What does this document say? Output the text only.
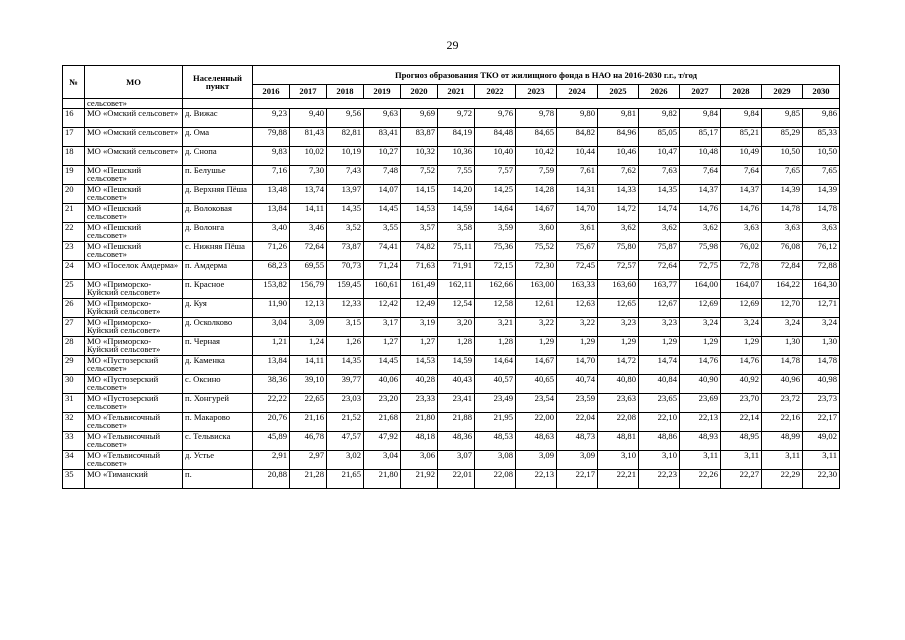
29
№	МО	Населенный пункт	Прогноз образования ТКО от жилищного фонда в НАО на 2016-2030 г.г., т/год														
			2016	2017	2018	2019	2020	2021	2022	2023	2024	2025	2026	2027	2028	2029	2030
	сельсовет»																
16	МО «Омский сельсовет»	д. Вижас	9,23	9,40	9,56	9,63	9,69	9,72	9,76	9,78	9,80	9,81	9,82	9,84	9,84	9,85	9,86
17	МО «Омский сельсовет»	д. Ома	79,88	81,43	82,81	83,41	83,87	84,19	84,48	84,65	84,82	84,96	85,05	85,17	85,21	85,29	85,33
18	МО «Омский сельсовет»	д. Снопа	9,83	10,02	10,19	10,27	10,32	10,36	10,40	10,42	10,44	10,46	10,47	10,48	10,49	10,50	10,50
19	МО «Пешский сельсовет»	п. Белушье	7,16	7,30	7,43	7,48	7,52	7,55	7,57	7,59	7,61	7,62	7,63	7,64	7,64	7,65	7,65
20	МО «Пешский сельсовет»	д. Верхняя Пёша	13,48	13,74	13,97	14,07	14,15	14,20	14,25	14,28	14,31	14,33	14,35	14,37	14,37	14,39	14,39
21	МО «Пешский сельсовет»	д. Волоковая	13,84	14,11	14,35	14,45	14,53	14,59	14,64	14,67	14,70	14,72	14,74	14,76	14,76	14,78	14,78
22	МО «Пешский сельсовет»	д. Волонга	3,40	3,46	3,52	3,55	3,57	3,58	3,59	3,60	3,61	3,62	3,62	3,62	3,63	3,63	3,63
23	МО «Пешский сельсовет»	с. Нижняя Пёша	71,26	72,64	73,87	74,41	74,82	75,11	75,36	75,52	75,67	75,80	75,87	75,98	76,02	76,08	76,12
24	МО «Поселок Амдерма»	п. Амдерма	68,23	69,55	70,73	71,24	71,63	71,91	72,15	72,30	72,45	72,57	72,64	72,75	72,78	72,84	72,88
25	МО «Приморско-Куйский сельсовет»	п. Красное	153,82	156,79	159,45	160,61	161,49	162,11	162,66	163,00	163,33	163,60	163,77	164,00	164,07	164,22	164,30
26	МО «Приморско-Куйский сельсовет»	д. Куя	11,90	12,13	12,33	12,42	12,49	12,54	12,58	12,61	12,63	12,65	12,67	12,69	12,69	12,70	12,71
27	МО «Приморско-Куйский сельсовет»	д. Осколково	3,04	3,09	3,15	3,17	3,19	3,20	3,21	3,22	3,22	3,23	3,23	3,24	3,24	3,24	3,24
28	МО «Приморско-Куйский сельсовет»	п. Черная	1,21	1,24	1,26	1,27	1,27	1,28	1,28	1,29	1,29	1,29	1,29	1,29	1,29	1,30	1,30
29	МО «Пустозерский сельсовет»	д. Каменка	13,84	14,11	14,35	14,45	14,53	14,59	14,64	14,67	14,70	14,72	14,74	14,76	14,76	14,78	14,78
30	МО «Пустозерский сельсовет»	с. Оксино	38,36	39,10	39,77	40,06	40,28	40,43	40,57	40,65	40,74	40,80	40,84	40,90	40,92	40,96	40,98
31	МО «Пустозерский сельсовет»	п. Хонгурей	22,22	22,65	23,03	23,20	23,33	23,41	23,49	23,54	23,59	23,63	23,65	23,69	23,70	23,72	23,73
32	МО «Тельвисочный сельсовет»	п. Макарово	20,76	21,16	21,52	21,68	21,80	21,88	21,95	22,00	22,04	22,08	22,10	22,13	22,14	22,16	22,17
33	МО «Тельвисочный сельсовет»	с. Тельвиска	45,89	46,78	47,57	47,92	48,18	48,36	48,53	48,63	48,73	48,81	48,86	48,93	48,95	48,99	49,02
34	МО «Тельвисочный сельсовет»	д. Устье	2,91	2,97	3,02	3,04	3,06	3,07	3,08	3,09	3,09	3,10	3,10	3,11	3,11	3,11	3,11
35	МО «Тиманский	п.	20,88	21,28	21,65	21,80	21,92	22,01	22,08	22,13	22,17	22,21	22,23	22,26	22,27	22,29	22,30
